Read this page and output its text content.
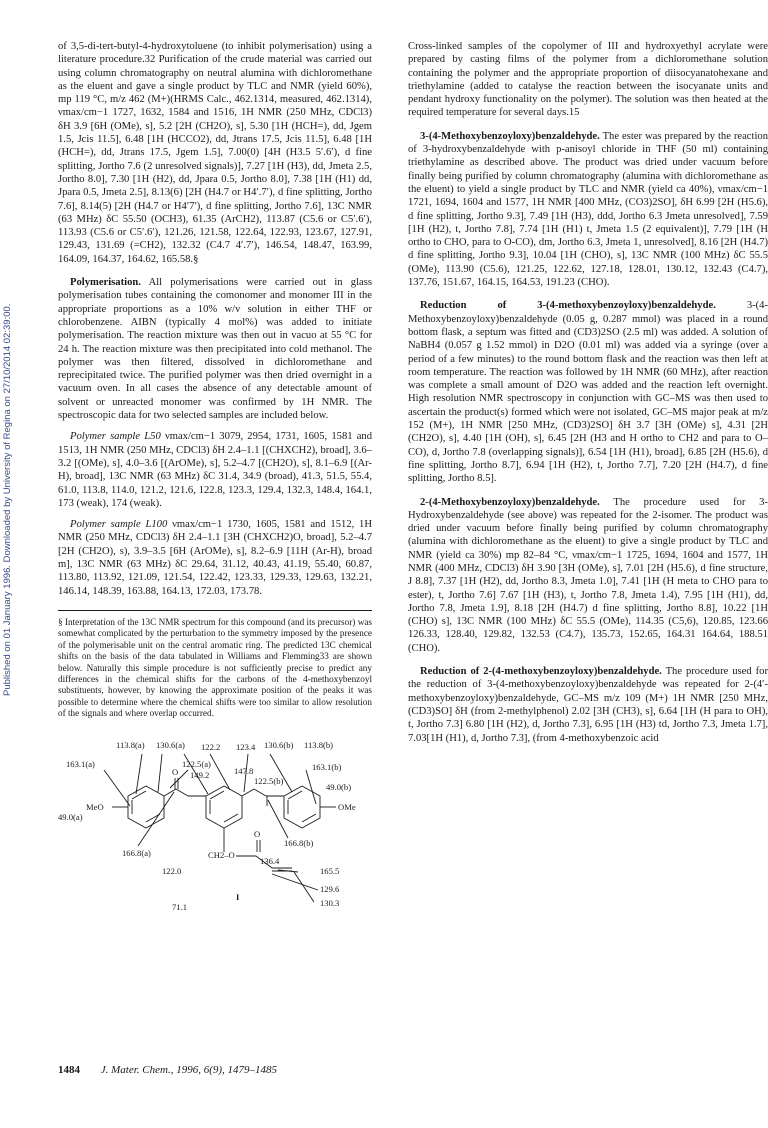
Published on 01 January 1996. Downloaded by University of Regina on 27/10/2014 02:39:00.

of 3,5-di-tert-butyl-4-hydroxytoluene (to inhibit polymerisation) using a literature procedure.32 Purification of the crude material was carried out using column chromatography on neutral alumina with dichloromethane as the eluent and gave a single product by TLC and NMR (yield 60%), mp 119 °C, m/z 462 (M+)(HRMS Calc., 462.1314, measured, 462.1314), νmax/cm−1 1727, 1632, 1584 and 1516, 1H NMR (250 MHz, CDCl3) δH 3.9 [6H (OMe), s], 5.2 [2H (CH2O), s], 5.30 [1H (HCH=), dd, Jgem 1.5, Jcis 11.5], 6.48 [1H (HCCO2), dd, Jtrans 17.5, Jcis 11.5], 6.48 [1H (HCH=), dd, Jtrans 17.5, Jgem 1.5], 7.00(0) [4H (H3.5 5′.6′), d fine splitting, Jortho 7.6 (2 unresolved signals)], 7.27 [1H (H3), dd, Jmeta 2.5, Jortho 8.0], 7.30 [1H (H2), dd, Jpara 0.5, Jortho 8.0], 7.38 [1H (H1) dd, Jpara 0.5, Jmeta 2.5], 8.13(6) [2H (H4.7 or H4′.7′), d fine splitting, Jortho 7.6], 8.14(5) [2H (H4.7 or H4′7′), d fine splitting, Jortho 7.6], 13C NMR (63 MHz) δC 55.50 (OCH3), 61.35 (ArCH2), 113.87 (C5.6 or C5′.6′), 113.93 (C5.6 or C5′.6′), 121.26, 121.58, 122.64, 122.93, 123.67, 127.91, 129.43, 131.69 (=CH2), 132.32 (C4.7 4′.7′), 146.54, 148.47, 163.99, 164.09, 164.37, 164.62, 165.58.§

Polymerisation. All polymerisations were carried out in glass polymerisation tubes containing the comonomer and monomer III in the appropriate proportions as a 10% w/v solution in either THF or chlorobenzene. AIBN (typically 4 mol%) was added to initiate polymerisation. The reaction mixture was then out in vacuo at 55 °C for 24 h. The reaction mixture was then precipitated into cold methanol. The polymer was then filtered, dissolved in dichloromethane and reprecipitated twice. The purified polymer was then dried overnight in a vacuum oven. In all cases the absence of any detectable amount of solvent or unreacted monomer was confirmed by 1H NMR. The spectroscopic data for two selected samples are included below.

Polymer sample L50 νmax/cm−1 3079, 2954, 1731, 1605, 1581 and 1513, 1H NMR (250 MHz, CDCl3) δH 2.4–1.1 [(CHXCH2), broad], 3.6–3.2 [(OMe), s], 4.0–3.6 [(ArOMe), s], 5.2–4.7 [(CH2O), s], 8.1–6.9 [(Ar-H), broad], 13C NMR (63 MHz) δC 31.4, 34.9 (broad), 41.3, 51.5, 55.4, 61.0, 113.8, 114.0, 121.2, 121.6, 122.8, 123.3, 129.4, 132.3, 148.4, 164.1, 173 (weak), 174 (weak).

Polymer sample L100 νmax/cm−1 1730, 1605, 1581 and 1512, 1H NMR (250 MHz, CDCl3) δH 2.4–1.1 [3H (CHXCH2)O, broad], 5.2–4.7 [2H (CH2O), s), 3.9–3.5 [6H (ArOMe), s], 8.2–6.9 [11H (Ar-H), broad m], 13C NMR (63 MHz) δC 29.64, 31.12, 40.43, 41.19, 55.40, 60.87, 113.80, 113.92, 121.09, 121.54, 122.42, 123.33, 129.33, 129.63, 132.21, 146.14, 148.39, 163.88, 164.13, 172.03, 173.78.

§ Interpretation of the 13C NMR spectrum for this compound (and its precursor) was somewhat complicated by the perturbation to the symmetry imposed by the presence of the polymerisable unit on the central aromatic ring. The predicted 13C chemical shifts on the basis of the data tabulated in Williams and Flemming33 are shown below. Naturally this simple procedure is not sufficiently precise to predict any differences in the chemical shifts for the carbons of the 4-methoxybenzoyl substituents, however, by knowing the approximate position of the peaks it was possible to determine where the chemical shifts were too similar to allow resolution of the signals and where overlap occurred.

113.8(a) 130.6(a) 122.2 123.4 130.6(b) 113.8(b)
163.1(a)	122.5(a)
149.2	147.8
122.5(b)
163.1(b)
49.0(b)
49.0(a)
MeO	OMe
O
O
166.8(b)
166.8(a)
122.0
CH2–O
136.4
165.5
129.6
130.3
71.1
I

Cross-linked samples of the copolymer of III and hydroxyethyl acrylate were prepared by casting films of the polymer from a dichloromethane solution containing the polymer and the appropriate proportion of diisocyanatohexane and triethylamine (added to catalyse the reaction between the isocyanate units and pendant hydroxy functionality on the polymer). The solution was then heated at the required temperature for several days.15

3-(4-Methoxybenzoyloxy)benzaldehyde. The ester was prepared by the reaction of 3-hydroxybenzaldehyde with p-anisoyl chloride in THF (50 ml) containing triethylamine as described above. The product was dried under vacuum before finally being purified by column chromatography (alumina with dichloromethane as the eluent) to yield a single product by TLC and NMR (yield ca 40%), νmax/cm−1 1721, 1694, 1604 and 1577, 1H NMR [400 MHz, (CO3)2SO], δH 6.99 [2H (H5.6), d fine splitting, Jortho 9.3], 7.49 [1H (H3), ddd, Jortho 6.3 Jmeta unresolved], 7.59 [1H (H2), t, Jortho 7.8], 7.74 [1H (H1) t, Jmeta 1.5 (2 equivalent)], 7.79 [1H (H ortho to CHO, para to O-CO), dm, Jortho 6.3, Jmeta 1, unresolved], 8.16 [2H (H4.7) d fine splitting, Jortho 9.3], 10.04 [1H (CHO), s], 13C NMR (100 MHz) δC 55.5 (OMe), 113.90 (C5.6), 121.25, 122.62, 127.18, 128.01, 130.12, 132.43 (C4.7), 137.76, 151.67, 164.15, 164.53, 191.23 (CHO).

Reduction of 3-(4-methoxybenzoyloxy)benzaldehyde.	3-(4-Methoxybenzoyloxy)benzaldehyde (0.05 g, 0.287 mmol) was placed in a round bottom flask, a septum was fitted and (CD3)2SO (2.5 ml) was added. A solution of NaBH4 (0.057 g 1.52 mmol) in D2O (0.01 ml) was added via a syringe (over a period of a few minutes) to the round bottom flask and the reaction was then left at room temperature. The reaction was followed by 1H NMR (60 MHz), after reaction was complete a small amount of D2O was added and the reaction left overnight. High resolution NMR spectroscopy in conjunction with GC–MS was then used to ascertain the product(s) formed which were not isolated, GC–MS major peak at m/z 152 (M+), 1H NMR [250 MHz, (CD3)2SO] δH 3.7 [3H (OMe) s], 4.31 [2H (CH2O), s], 4.40 [1H (OH), s], 6.45 [2H (H3 and H ortho to CH2 and para to O–CO), d, Jortho 7.8 (overlapping signals)], 6.54 [1H (H1), broad], 6.85 [2H (H5.6), d fine splitting, Jortho 8.7], 6.94 [1H (H2), t, Jortho 7.7], 7.20 [2H (H4.7), d fine splitting, Jortho 8.5].

2-(4-Methoxybenzoyloxy)benzaldehyde. The procedure used for 3-Hydroxybenzaldehyde (see above) was repeated for the 2-isomer. The product was dried under vacuum before finally being purified by column chromatography (alumina with dichloromethane as the eluent) to give a single product by TLC and NMR (yield ca 30%) mp 82–84 °C, νmax/cm−1 1725, 1694, 1604 and 1577, 1H NMR (400 MHz, CDCl3) δH 3.90 [3H (OMe), s], 7.01 [2H (H5.6), d fine structure, J 8.8], 7.37 [1H (H2), dd, Jortho 8.3, Jmeta 1.0], 7.41 [1H (H meta to CHO para to ester), t, Jortho 7.6] 7.67 [1H (H3), t, Jortho 7.8, Jmeta 1.4), 7.95 [1H (H1), dd, Jortho 7.8, Jmeta 1.9], 8.18 [2H (H4.7) d fine splitting, Jortho 8.8], 10.22 [1H (CHO) s], 13C NMR (100 MHz) δC 55.5 (OMe), 114.35 (C5,6), 120.85, 123.66 126.33, 128.40, 129.82, 132.53 (C4.7), 135.73, 152.65, 164.31 164.64, 188.51 (CHO).

Reduction of 2-(4-methoxybenzoyloxy)benzaldehyde. The procedure used for the reduction of 3-(4-methoxybenzoyloxy)benzaldehyde was repeated for 2-(4′-methoxybenzoyloxy)benzaldehyde, GC–MS m/z 109 (M+) 1H NMR [250 MHz, (CD3)SO] δH (from 2-methylphenol) 2.02 [3H (CH3), s], 6.64 [1H (H para to OH), t, Jortho 7.3] 6.80 [1H (H2), d, Jortho 7.3], 6.95 [1H (H3) td, Jortho 7.3, Jmeta 1.7], 7.03[1H (H1), d, Jortho 7.3], (from 4-methoxybenzoic acid

1484 J. Mater. Chem., 1996, 6(9), 1479–1485
